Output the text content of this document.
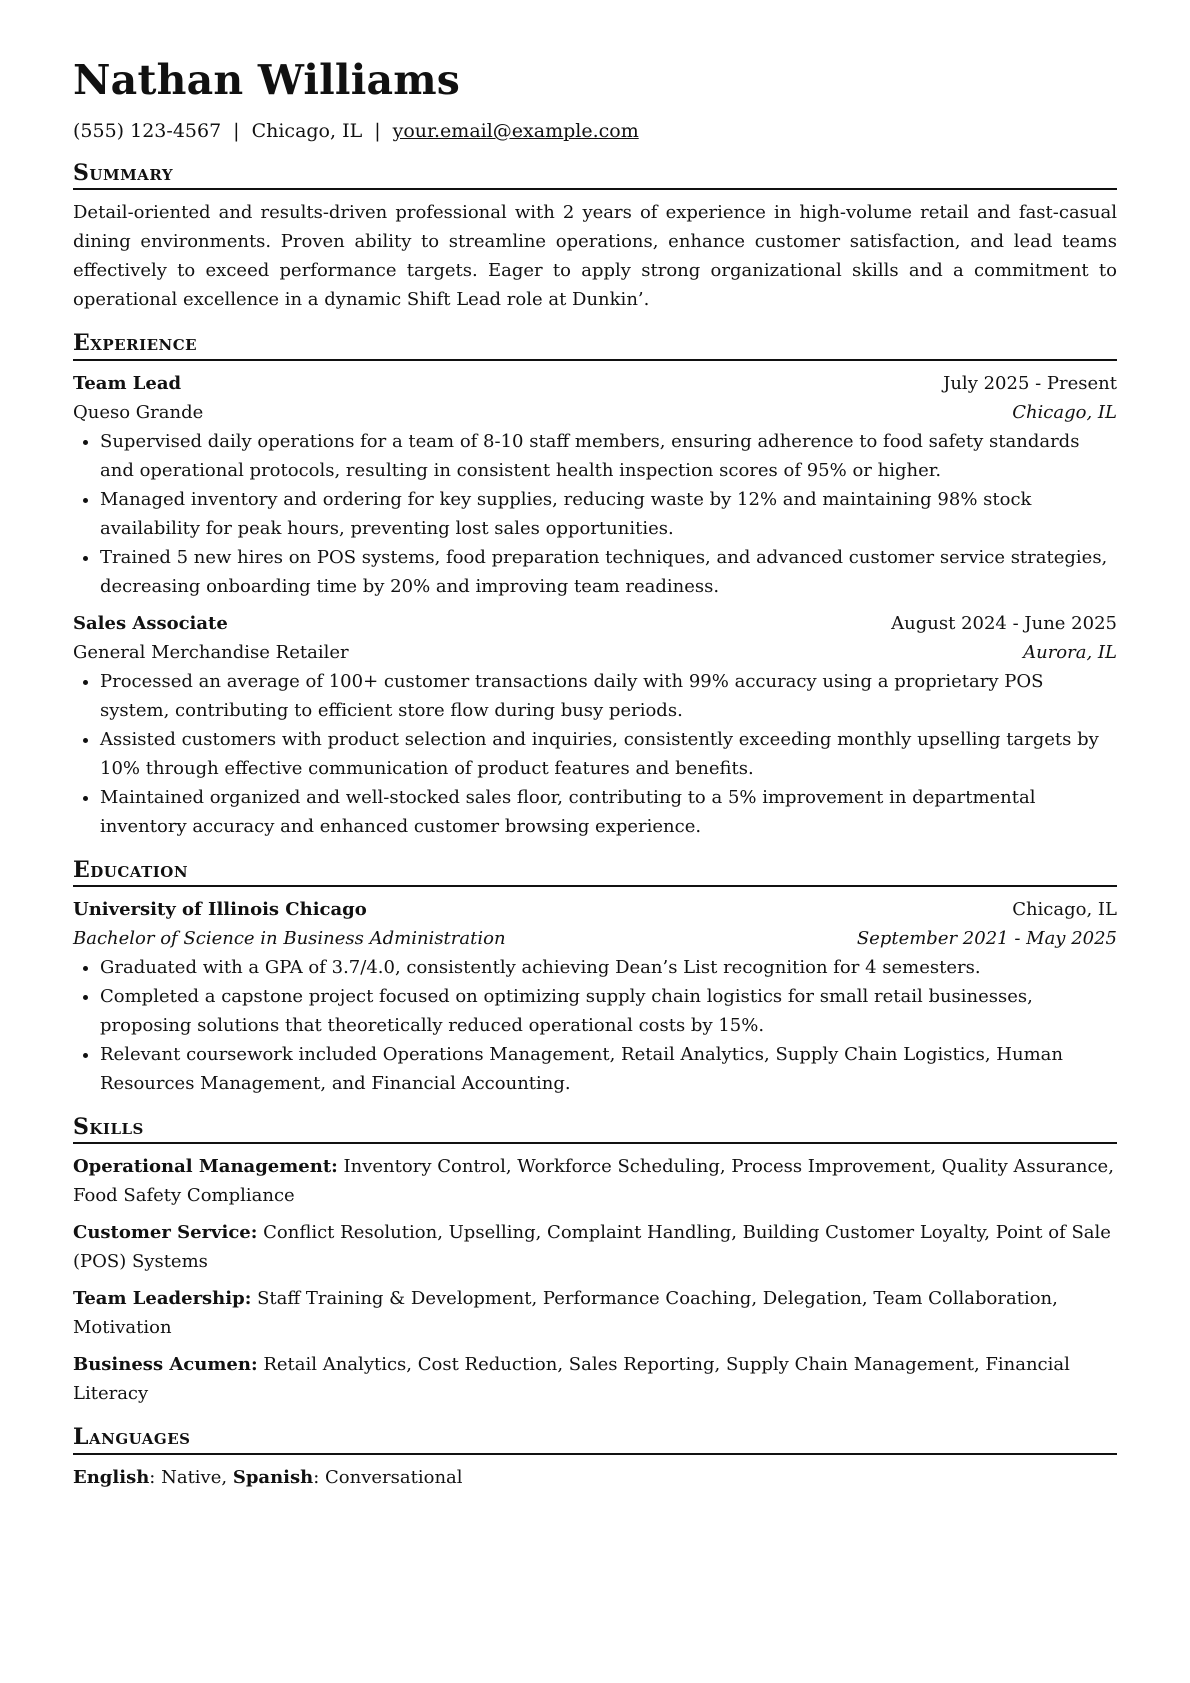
Nathan Williams
(555) 123-4567 | Chicago, IL | your.email@example.com
Summary
Detail-oriented and results-driven professional with 2 years of experience in high-volume retail and fast-casual dining environments. Proven ability to streamline operations, enhance customer satisfaction, and lead teams effectively to exceed performance targets. Eager to apply strong organizational skills and a commitment to operational excellence in a dynamic Shift Lead role at Dunkin’.
Experience
Team Lead	July 2025 - Present
Queso Grande	Chicago, IL
• Supervised daily operations for a team of 8-10 staff members, ensuring adherence to food safety standards and operational protocols, resulting in consistent health inspection scores of 95% or higher.
• Managed inventory and ordering for key supplies, reducing waste by 12% and maintaining 98% stock availability for peak hours, preventing lost sales opportunities.
• Trained 5 new hires on POS systems, food preparation techniques, and advanced customer service strategies, decreasing onboarding time by 20% and improving team readiness.
Sales Associate	August 2024 - June 2025
General Merchandise Retailer	Aurora, IL
• Processed an average of 100+ customer transactions daily with 99% accuracy using a proprietary POS system, contributing to efficient store flow during busy periods.
• Assisted customers with product selection and inquiries, consistently exceeding monthly upselling targets by 10% through effective communication of product features and benefits.
• Maintained organized and well-stocked sales floor, contributing to a 5% improvement in departmental inventory accuracy and enhanced customer browsing experience.
Education
University of Illinois Chicago	Chicago, IL
Bachelor of Science in Business Administration	September 2021 - May 2025
• Graduated with a GPA of 3.7/4.0, consistently achieving Dean’s List recognition for 4 semesters.
• Completed a capstone project focused on optimizing supply chain logistics for small retail businesses, proposing solutions that theoretically reduced operational costs by 15%.
• Relevant coursework included Operations Management, Retail Analytics, Supply Chain Logistics, Human Resources Management, and Financial Accounting.
Skills
Operational Management: Inventory Control, Workforce Scheduling, Process Improvement, Quality Assurance, Food Safety Compliance
Customer Service: Conflict Resolution, Upselling, Complaint Handling, Building Customer Loyalty, Point of Sale (POS) Systems
Team Leadership: Staff Training & Development, Performance Coaching, Delegation, Team Collaboration, Motivation
Business Acumen: Retail Analytics, Cost Reduction, Sales Reporting, Supply Chain Management, Financial Literacy
Languages
English: Native, Spanish: Conversational
